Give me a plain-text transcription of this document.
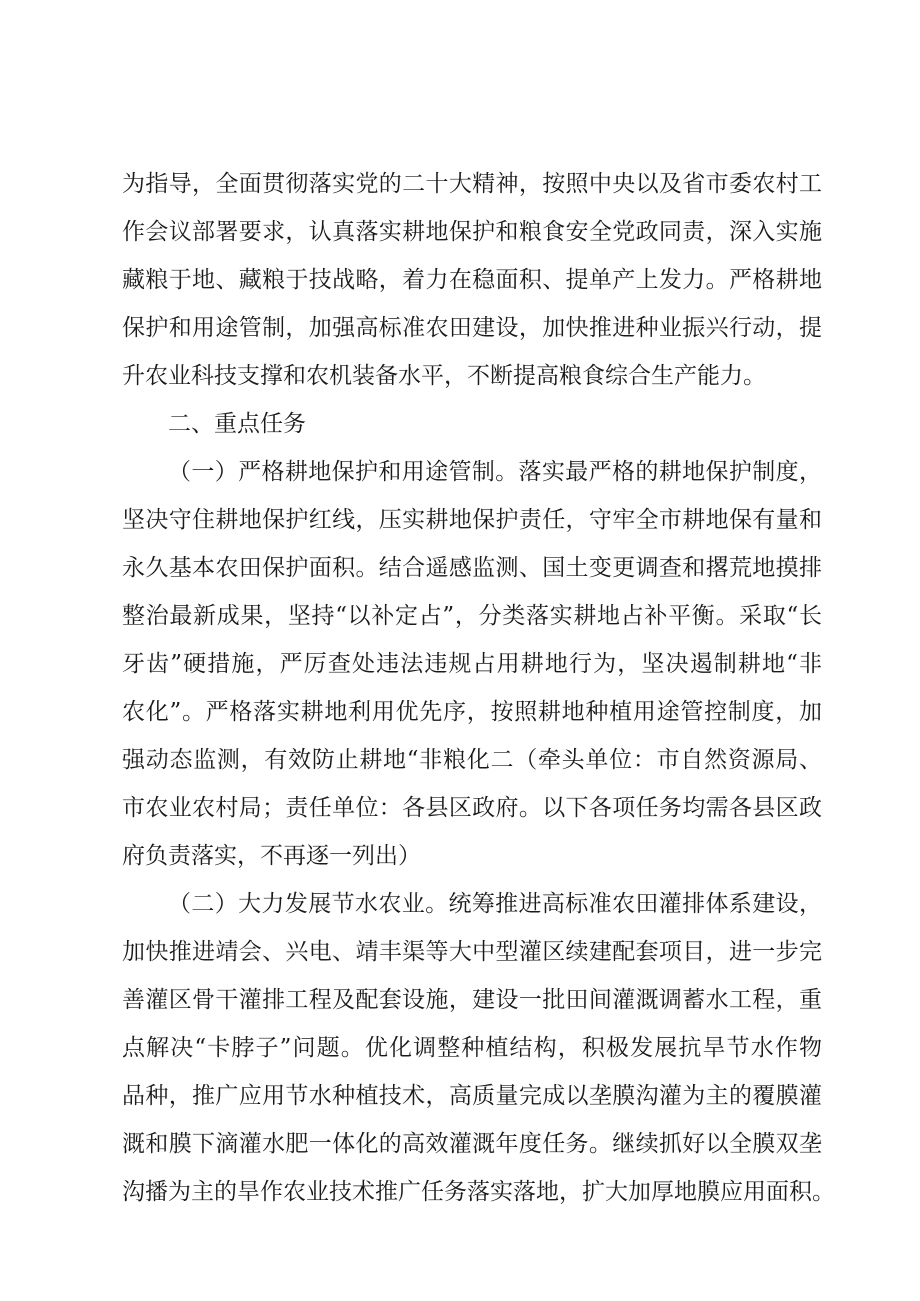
为指导，全面贯彻落实党的二十大精神，按照中央以及省市委农村工
作会议部署要求，认真落实耕地保护和粮食安全党政同责，深入实施
藏粮于地、藏粮于技战略，着力在稳面积、提单产上发力。严格耕地
保护和用途管制，加强高标准农田建设，加快推进种业振兴行动，提
升农业科技支撑和农机装备水平，不断提高粮食综合生产能力。
二、重点任务
（一）严格耕地保护和用途管制。落实最严格的耕地保护制度，
坚决守住耕地保护红线，压实耕地保护责任，守牢全市耕地保有量和
永久基本农田保护面积。结合遥感监测、国土变更调查和撂荒地摸排
整治最新成果，坚持“以补定占”，分类落实耕地占补平衡。采取“长
牙齿”硬措施，严厉查处违法违规占用耕地行为，坚决遏制耕地“非
农化”。严格落实耕地利用优先序，按照耕地种植用途管控制度，加
强动态监测，有效防止耕地“非粮化二（牵头单位：市自然资源局、
市农业农村局；责任单位：各县区政府。以下各项任务均需各县区政
府负责落实，不再逐一列出）
（二）大力发展节水农业。统筹推进高标准农田灌排体系建设，
加快推进靖会、兴电、靖丰渠等大中型灌区续建配套项目，进一步完
善灌区骨干灌排工程及配套设施，建设一批田间灌溉调蓄水工程，重
点解决“卡脖子”问题。优化调整种植结构，积极发展抗旱节水作物
品种，推广应用节水种植技术，高质量完成以垄膜沟灌为主的覆膜灌
溉和膜下滴灌水肥一体化的高效灌溉年度任务。继续抓好以全膜双垄
沟播为主的旱作农业技术推广任务落实落地，扩大加厚地膜应用面积。
